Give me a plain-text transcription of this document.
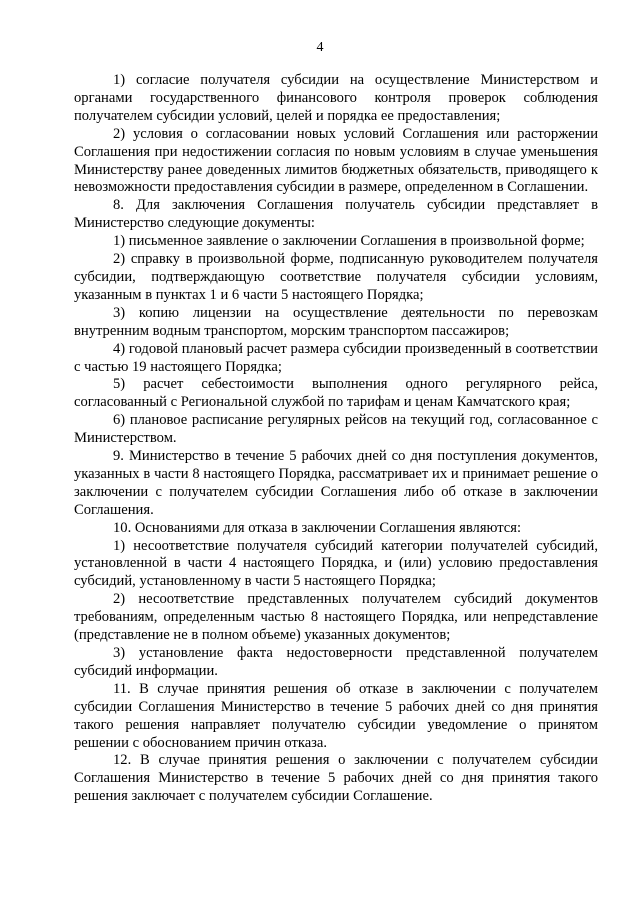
4

1) согласие получателя субсидии на осуществление Министерством и органами государственного финансового контроля проверок соблюдения получателем субсидии условий, целей и порядка ее предоставления;

2) условия о согласовании новых условий Соглашения или расторжении Соглашения при недостижении согласия по новым условиям в случае уменьшения Министерству ранее доведенных лимитов бюджетных обязательств, приводящего к невозможности предоставления субсидии в размере, определенном в Соглашении.

8. Для заключения Соглашения получатель субсидии представляет в Министерство следующие документы:

1) письменное заявление о заключении Соглашения в произвольной форме;

2) справку в произвольной форме, подписанную руководителем получателя субсидии, подтверждающую соответствие получателя субсидии условиям, указанным в пунктах 1 и 6 части 5 настоящего Порядка;

3) копию лицензии на осуществление деятельности по перевозкам внутренним водным транспортом, морским транспортом пассажиров;

4) годовой плановый расчет размера субсидии произведенный в соответствии с частью 19 настоящего Порядка;

5) расчет себестоимости выполнения одного регулярного рейса, согласованный с Региональной службой по тарифам и ценам Камчатского края;

6) плановое расписание регулярных рейсов на текущий год, согласованное с Министерством.

9. Министерство в течение 5 рабочих дней со дня поступления документов, указанных в части 8 настоящего Порядка, рассматривает их и принимает решение о заключении с получателем субсидии Соглашения либо об отказе в заключении Соглашения.

10. Основаниями для отказа в заключении Соглашения являются:

1) несоответствие получателя субсидий категории получателей субсидий, установленной в части 4 настоящего Порядка, и (или) условию предоставления субсидий, установленному в части 5 настоящего Порядка;

2) несоответствие представленных получателем субсидий документов требованиям, определенным частью 8 настоящего Порядка, или непредставление (представление не в полном объеме) указанных документов;

3) установление факта недостоверности представленной получателем субсидий информации.

11. В случае принятия решения об отказе в заключении с получателем субсидии Соглашения Министерство в течение 5 рабочих дней со дня принятия такого решения направляет получателю субсидии уведомление о принятом решении с обоснованием причин отказа.

12. В случае принятия решения о заключении с получателем субсидии Соглашения Министерство в течение 5 рабочих дней со дня принятия такого решения заключает с получателем субсидии Соглашение.
